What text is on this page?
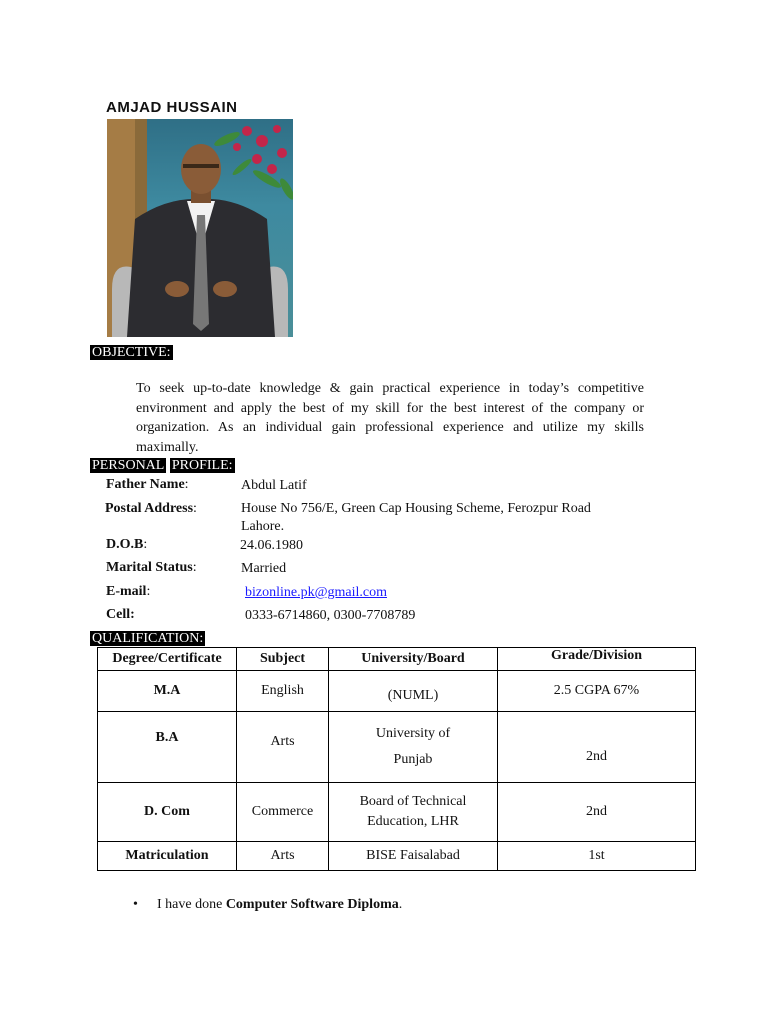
AMJAD HUSSAIN
OBJECTIVE:

To seek up-to-date knowledge & gain practical experience in today’s competitive environment and apply the best of my skill for the best interest of the company or organization. As an individual gain professional experience and utilize my skills maximally.

PERSONAL PROFILE:
Father Name:	Abdul Latif
Postal Address:	House No 756/E, Green Cap Housing Scheme, Ferozpur Road Lahore.
D.O.B:	24.06.1980
Marital Status:	Married
E-mail:	bizonline.pk@gmail.com
Cell:	0333-6714860, 0300-7708789
QUALIFICATION:
Degree/Certificate	Subject	University/Board	Grade/Division
M.A	English	(NUML)	2.5 CGPA 67%
B.A	Arts	University of Punjab	2nd
D. Com	Commerce	Board of Technical Education, LHR	2nd
Matriculation	Arts	BISE Faisalabad	1st
• I have done Computer Software Diploma.
